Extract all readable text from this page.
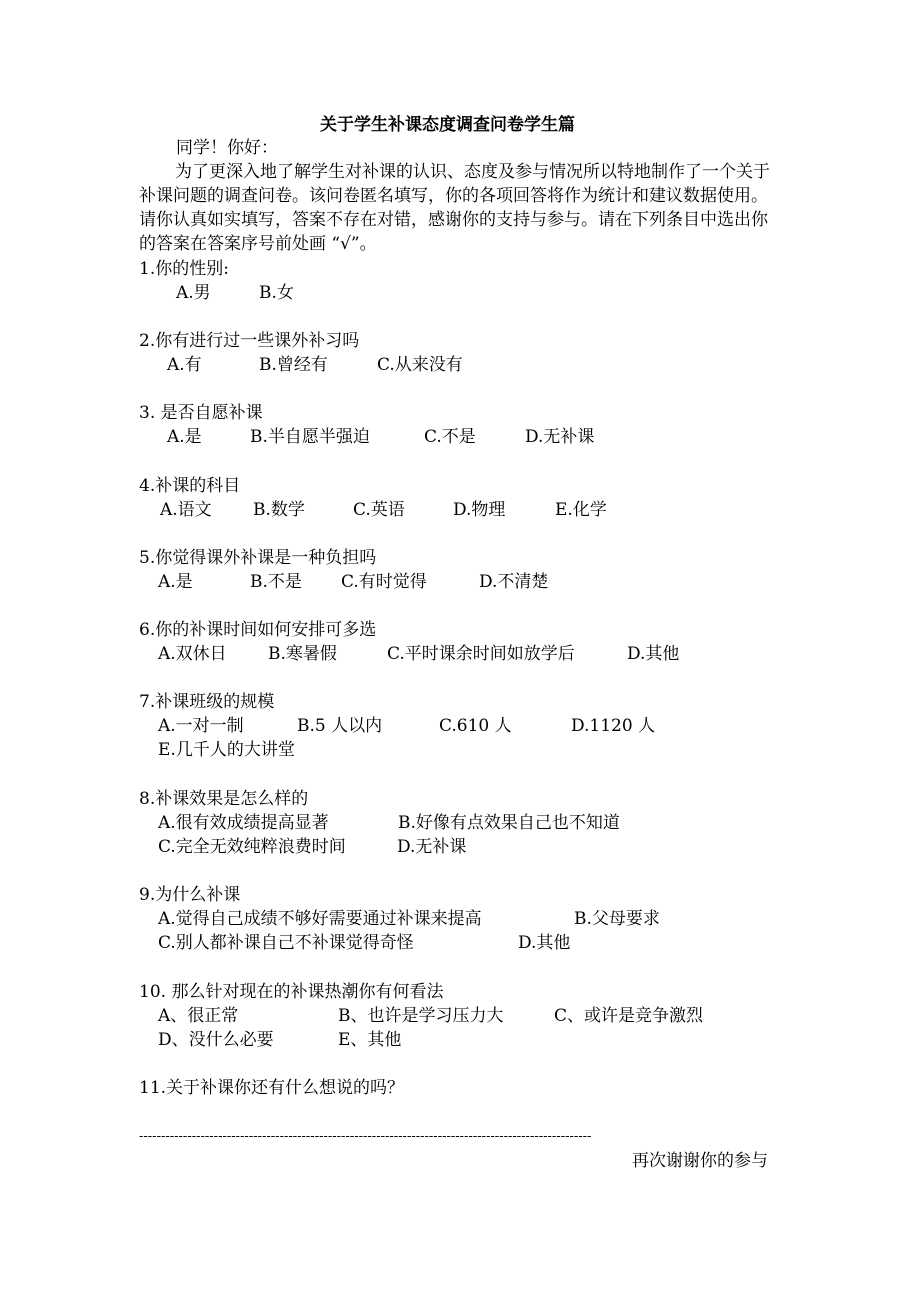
关于学生补课态度调查问卷学生篇
同学！你好：
为了更深入地了解学生对补课的认识、态度及参与情况所以特地制作了一个关于补课问题的调查问卷。该问卷匿名填写，你的各项回答将作为统计和建议数据使用。请你认真如实填写，答案不存在对错，感谢你的支持与参与。请在下列条目中选出你的答案在答案序号前处画 “√”。
1.你的性别:
A.男	B.女
2.你有进行过一些课外补习吗
A.有	B.曾经有	C.从来没有
3. 是否自愿补课
A.是	B.半自愿半强迫	C.不是	D.无补课
4.补课的科目
A.语文 B.数学	C.英语	D.物理	E.化学
5.你觉得课外补课是一种负担吗
A.是	B.不是 C.有时觉得	D.不清楚
6.你的补课时间如何安排可多选
A.双休日 B.寒暑假	C.平时课余时间如放学后	D.其他
7.补课班级的规模
A.一对一制	B.5 人以内	C.610 人	D.1120 人
E.几千人的大讲堂
8.补课效果是怎么样的
A.很有效成绩提高显著	B.好像有点效果自己也不知道
C.完全无效纯粹浪费时间	D.无补课
9.为什么补课
A.觉得自己成绩不够好需要通过补课来提高	B.父母要求
C.别人都补课自己不补课觉得奇怪	D.其他
10. 那么针对现在的补课热潮你有何看法
A、很正常	B、也许是学习压力大	C、或许是竞争激烈
D、没什么必要	E、其他
11.关于补课你还有什么想说的吗？
-------------------------------------------------------------------------------------------------------
再次谢谢你的参与
